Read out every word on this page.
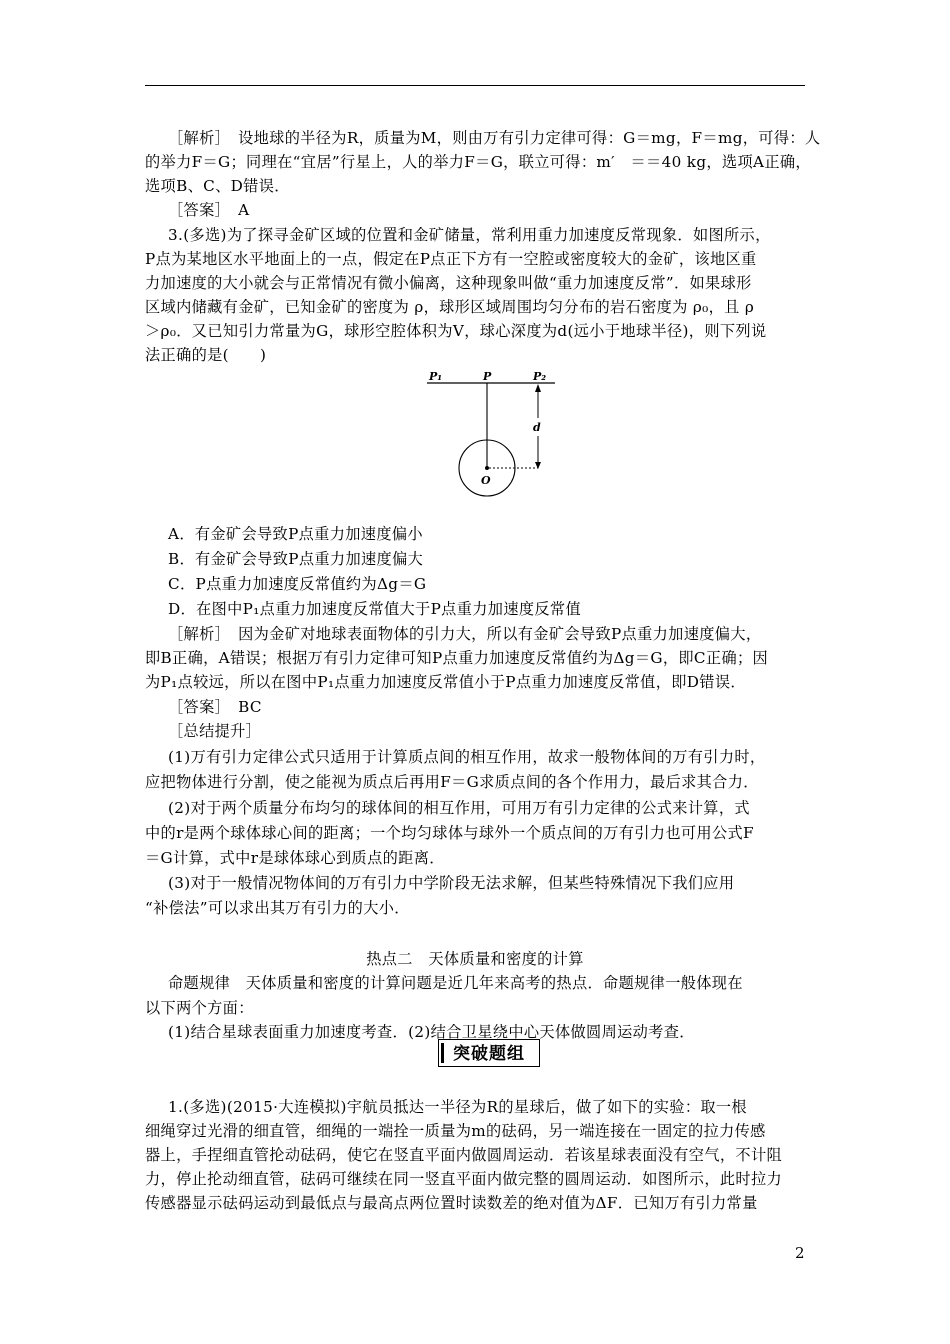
［解析］　设地球的半径为R，质量为M，则由万有引力定律可得：G＝mg，F＝mg，可得：人
的举力F＝G；同理在“宜居”行星上，人的举力F＝G，联立可得：m′　＝＝40 kg，选项A正确，
选项B、C、D错误．
［答案］　A
3.(多选)为了探寻金矿区域的位置和金矿储量，常利用重力加速度反常现象．如图所示，
P点为某地区水平地面上的一点，假定在P点正下方有一空腔或密度较大的金矿，该地区重
力加速度的大小就会与正常情况有微小偏离，这种现象叫做“重力加速度反常”．如果球形
区域内储藏有金矿，已知金矿的密度为 ρ，球形区域周围均匀分布的岩石密度为 ρ₀，且 ρ
＞ρ₀．又已知引力常量为G，球形空腔体积为V，球心深度为d(远小于地球半径)，则下列说
法正确的是(　　)
P₁	P	P₂
d
O
A．有金矿会导致P点重力加速度偏小
B．有金矿会导致P点重力加速度偏大
C．P点重力加速度反常值约为Δg＝G
D．在图中P₁点重力加速度反常值大于P点重力加速度反常值
［解析］　因为金矿对地球表面物体的引力大，所以有金矿会导致P点重力加速度偏大，
即B正确，A错误；根据万有引力定律可知P点重力加速度反常值约为Δg＝G，即C正确；因
为P₁点较远，所以在图中P₁点重力加速度反常值小于P点重力加速度反常值，即D错误．
［答案］　BC
［总结提升］
(1)万有引力定律公式只适用于计算质点间的相互作用，故求一般物体间的万有引力时，
应把物体进行分割，使之能视为质点后再用F＝G求质点间的各个作用力，最后求其合力．
(2)对于两个质量分布均匀的球体间的相互作用，可用万有引力定律的公式来计算，式
中的r是两个球体球心间的距离；一个均匀球体与球外一个质点间的万有引力也可用公式F
＝G计算，式中r是球体球心到质点的距离．
(3)对于一般情况物体间的万有引力中学阶段无法求解，但某些特殊情况下我们应用
“补偿法”可以求出其万有引力的大小．
热点二　天体质量和密度的计算
命题规律　天体质量和密度的计算问题是近几年来高考的热点．命题规律一般体现在
以下两个方面：
(1)结合星球表面重力加速度考查．(2)结合卫星绕中心天体做圆周运动考查．
突破题组
1.(多选)(2015·大连模拟)宇航员抵达一半径为R的星球后，做了如下的实验：取一根
细绳穿过光滑的细直管，细绳的一端拴一质量为m的砝码，另一端连接在一固定的拉力传感
器上，手捏细直管抡动砝码，使它在竖直平面内做圆周运动．若该星球表面没有空气，不计阻
力，停止抡动细直管，砝码可继续在同一竖直平面内做完整的圆周运动．如图所示，此时拉力
传感器显示砝码运动到最低点与最高点两位置时读数差的绝对值为ΔF．已知万有引力常量
2
